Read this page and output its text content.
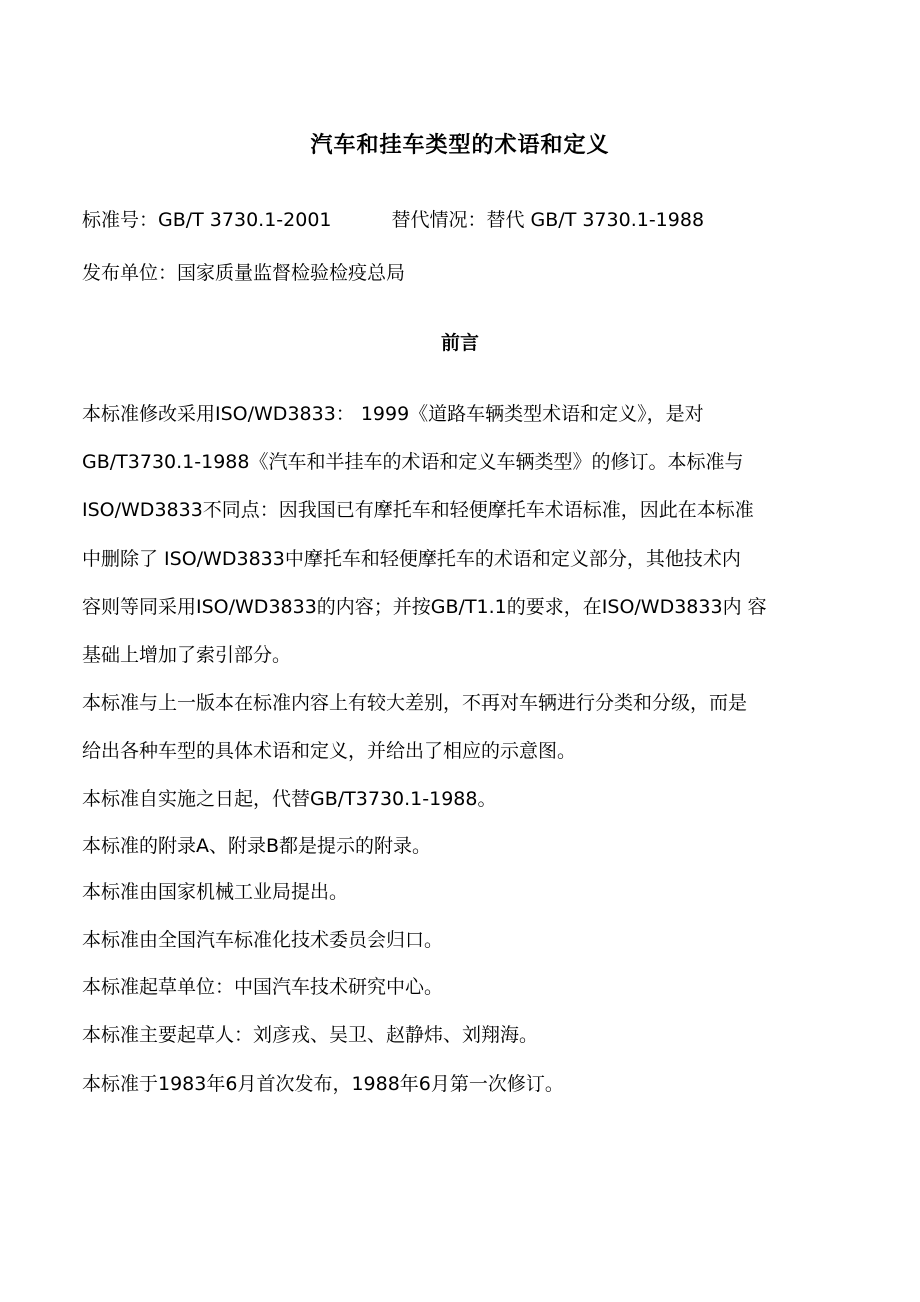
汽车和挂车类型的术语和定义
标准号：GB/T 3730.1-2001	替代情况：替代 GB/T 3730.1-1988
发布单位：国家质量监督检验检疫总局
前言
本标准修改采用ISO/WD3833： 1999《道路车辆类型术语和定义》，是对
GB/T3730.1-1988《汽车和半挂车的术语和定义车辆类型》的修订。本标准与
ISO/WD3833不同点：因我国已有摩托车和轻便摩托车术语标准，因此在本标准
中删除了 ISO/WD3833中摩托车和轻便摩托车的术语和定义部分，其他技术内
容则等同采用ISO/WD3833的内容；并按GB/T1.1的要求，在ISO/WD3833内 容
基础上增加了索引部分。
本标准与上一版本在标准内容上有较大差别，不再对车辆进行分类和分级，而是
给出各种车型的具体术语和定义，并给出了相应的示意图。
本标准自实施之日起，代替GB/T3730.1-1988。
本标准的附录A、附录B都是提示的附录。
本标准由国家机械工业局提出。
本标准由全国汽车标准化技术委员会归口。
本标准起草单位：中国汽车技术研究中心。
本标准主要起草人：刘彦戎、吴卫、赵静炜、刘翔海。
本标准于1983年6月首次发布，1988年6月第一次修订。
